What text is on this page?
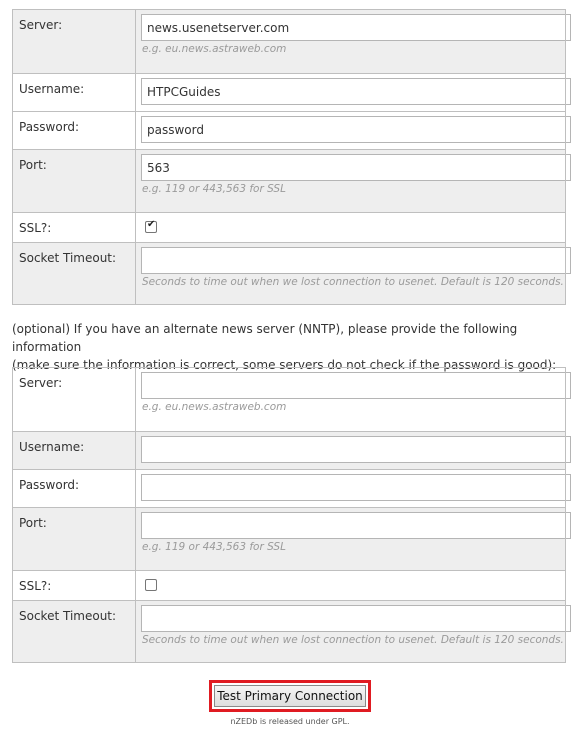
Server:	
news.usenetserver.com
e.g. eu.news.astraweb.com

Username:	
HTPCGuides
Password:	
password
Port:	
563
e.g. 119 or 443,563 for SSL

SSL?:	✔
Socket Timeout:	Seconds to time out when we lost connection to usenet. Default is 120 seconds.
(optional) If you have an alternate news server (NNTP), please provide the following information
(make sure the information is correct, some servers do not check if the password is good):
Server:	e.g. eu.news.astraweb.com

Username:	

Password:	

Port:	e.g. 119 or 443,563 for SSL

SSL?:	
Socket Timeout:	Seconds to time out when we lost connection to usenet. Default is 120 seconds.
Test Primary Connection
nZEDb is released under GPL.
